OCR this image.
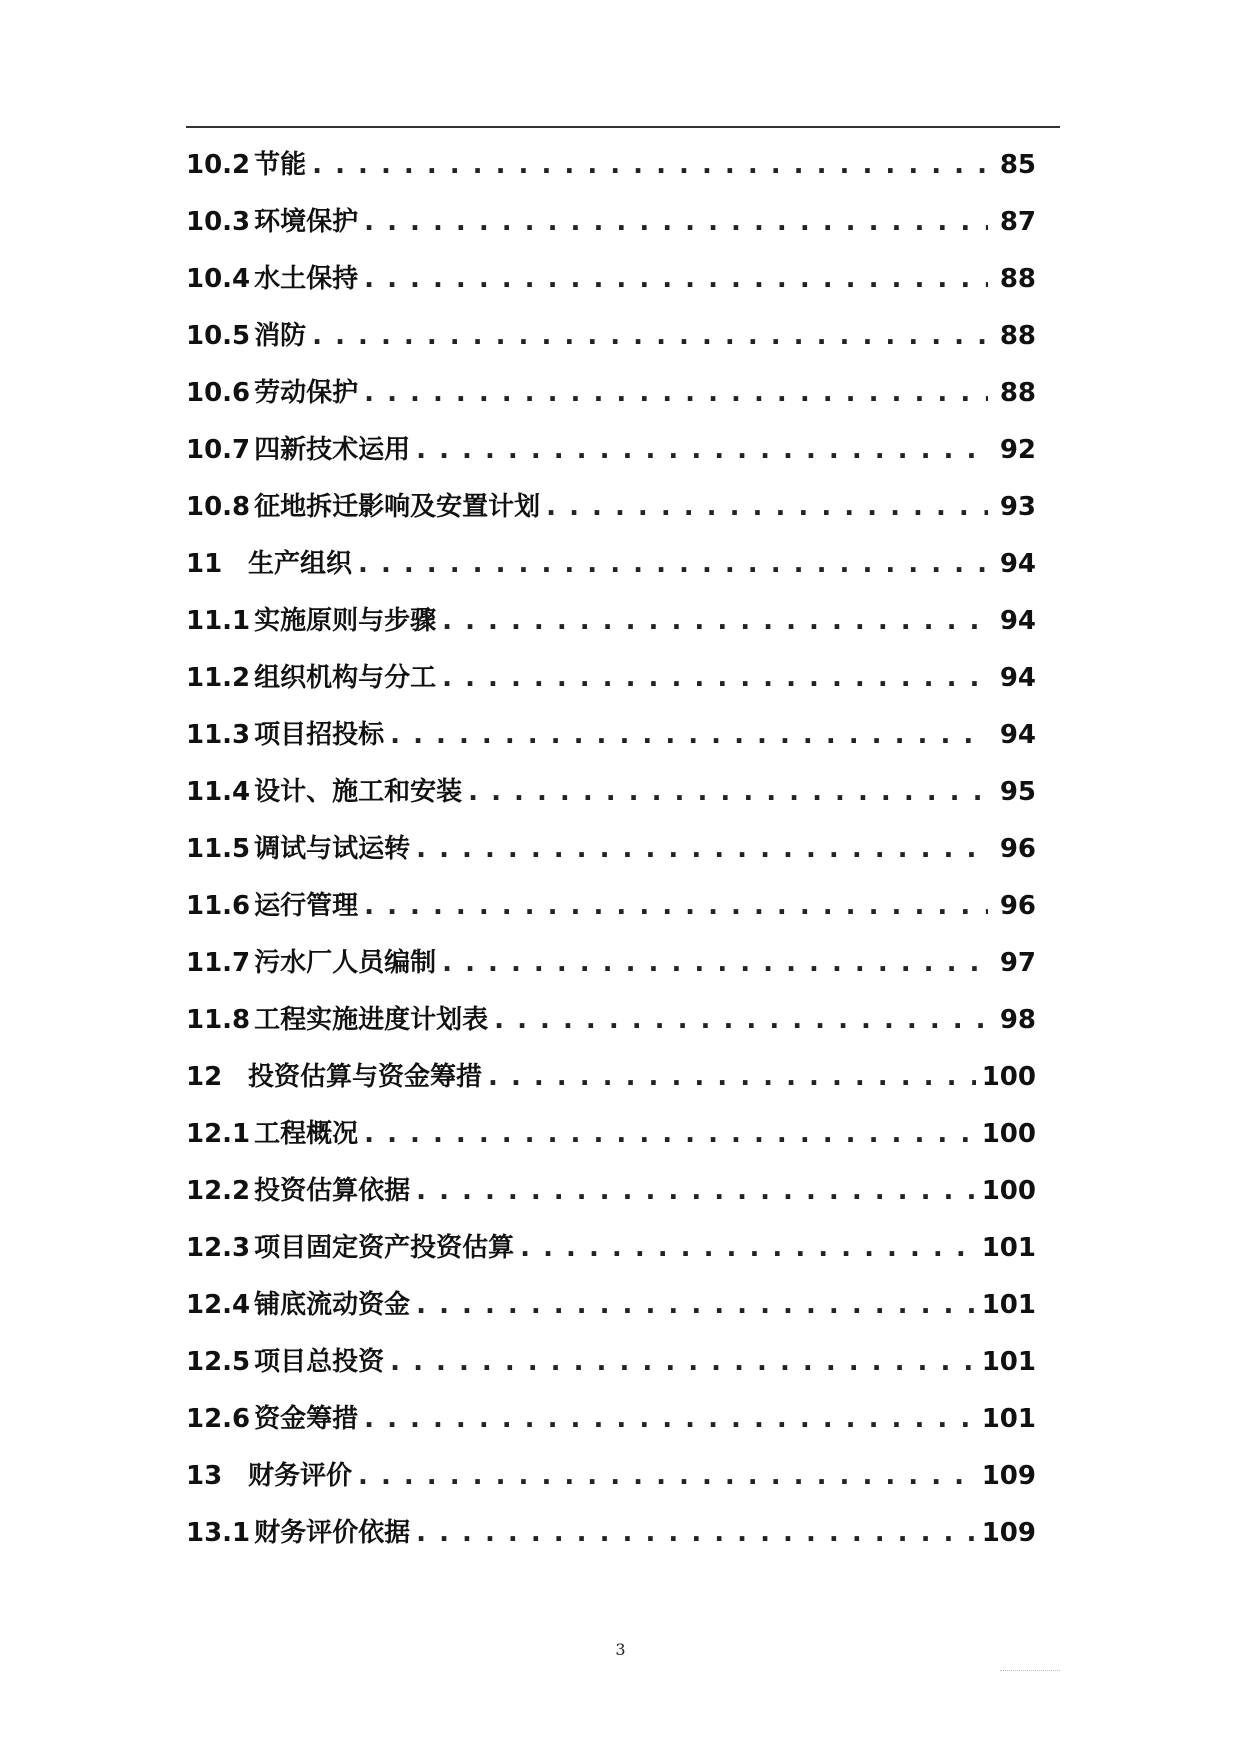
10.2 节能 . . .	85
10.3 环境保护 . . .	87
10.4 水土保持 . . .	88
10.5 消防 . . .	88
10.6 劳动保护 . . .	88
10.7 四新技术运用 . . .	92
10.8 征地拆迁影响及安置计划 . . .	93
11 生产组织 . . .	94
11.1 实施原则与步骤 . . .	94
11.2 组织机构与分工 . . .	94
11.3 项目招投标 . . .	94
11.4 设计、施工和安装 . . .	95
11.5 调试与试运转 . . .	96
11.6 运行管理 . . .	96
11.7 污水厂人员编制 . . .	97
11.8 工程实施进度计划表 . . .	98
12 投资估算与资金筹措 . . .	100
12.1 工程概况 . . .	100
12.2 投资估算依据 . . .	100
12.3 项目固定资产投资估算 . . .	101
12.4 铺底流动资金 . . .	101
12.5 项目总投资 . . .	101
12.6 资金筹措 . . .	101
13 财务评价 . . .	109
13.1 财务评价依据 . . .	109
3
